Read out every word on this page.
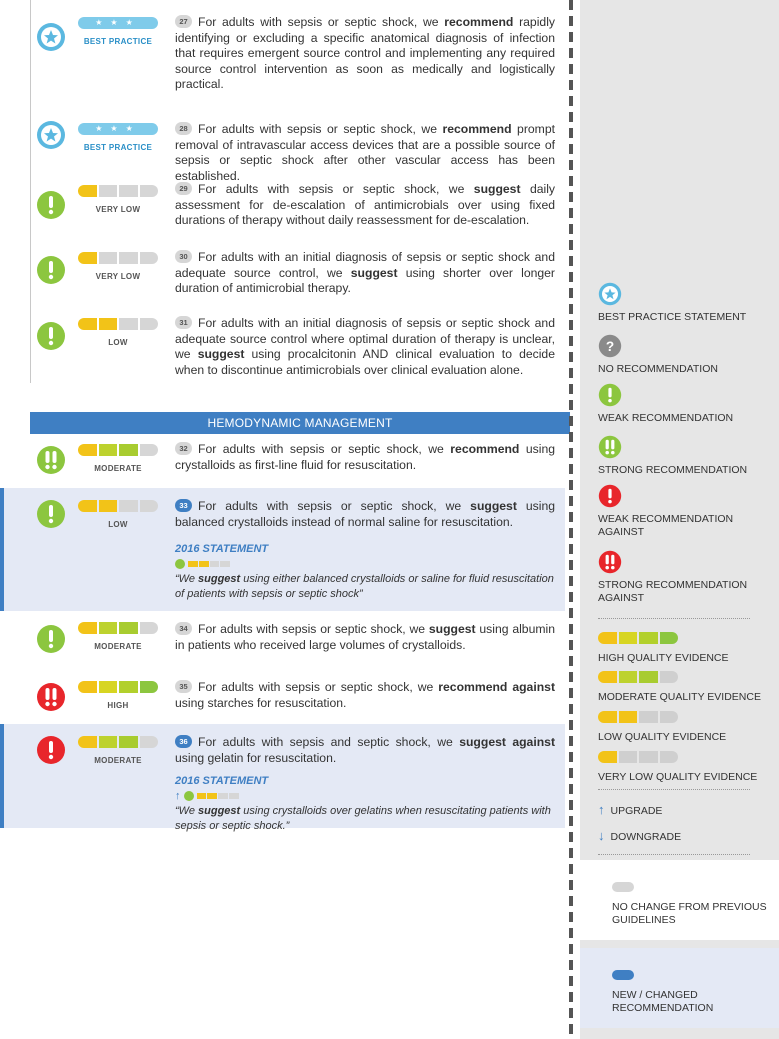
★★★
BEST PRACTICE

27 For adults with sepsis or septic shock, we recommend rapidly identifying or excluding a specific anatomical diagnosis of infection that requires emergent source control and implementing any required source control intervention as soon as medically and logistically practical.

★★★
BEST PRACTICE

28 For adults with sepsis or septic shock, we recommend prompt removal of intravascular access devices that are a possible source of sepsis or septic shock after other vascular access has been established.

VERY LOW

29 For adults with sepsis or septic shock, we suggest daily assessment for de-escalation of antimicrobials over using fixed durations of therapy without daily reassessment for de-escalation.

VERY LOW

30 For adults with an initial diagnosis of sepsis or septic shock and adequate source control, we suggest using shorter over longer duration of antimicrobial therapy.

LOW

31 For adults with an initial diagnosis of sepsis or septic shock and adequate source control where optimal duration of therapy is unclear, we suggest using procalcitonin AND clinical evaluation to decide when to discontinue antimicrobials over clinical evaluation alone.

HEMODYNAMIC MANAGEMENT
MODERATE

32 For adults with sepsis or septic shock, we recommend using crystalloids as first-line fluid for resuscitation.

LOW

33 For adults with sepsis or septic shock, we suggest using balanced crystalloids instead of normal saline for resuscitation.

2016 STATEMENT
“We suggest using either balanced crystalloids or saline for fluid resuscitation of patients with sepsis or septic shock”
MODERATE

34 For adults with sepsis or septic shock, we suggest using albumin in patients who received large volumes of crystalloids.

HIGH

35 For adults with sepsis or septic shock, we recommend against using starches for resuscitation.

MODERATE

36 For adults with sepsis and septic shock, we suggest against using gelatin for resuscitation.

2016 STATEMENT
↑
“We suggest using crystalloids over gelatins when resuscitating patients with sepsis or septic shock.”
BEST PRACTICE STATEMENT
?
NO RECOMMENDATION
WEAK RECOMMENDATION
STRONG RECOMMENDATION
WEAK RECOMMENDATION AGAINST
STRONG RECOMMENDATION AGAINST
HIGH QUALITY EVIDENCE
MODERATE QUALITY EVIDENCE
LOW QUALITY EVIDENCE
VERY LOW QUALITY EVIDENCE
↑ UPGRADE
↓ DOWNGRADE
NO CHANGE FROM PREVIOUS GUIDELINES
NEW / CHANGED RECOMMENDATION
